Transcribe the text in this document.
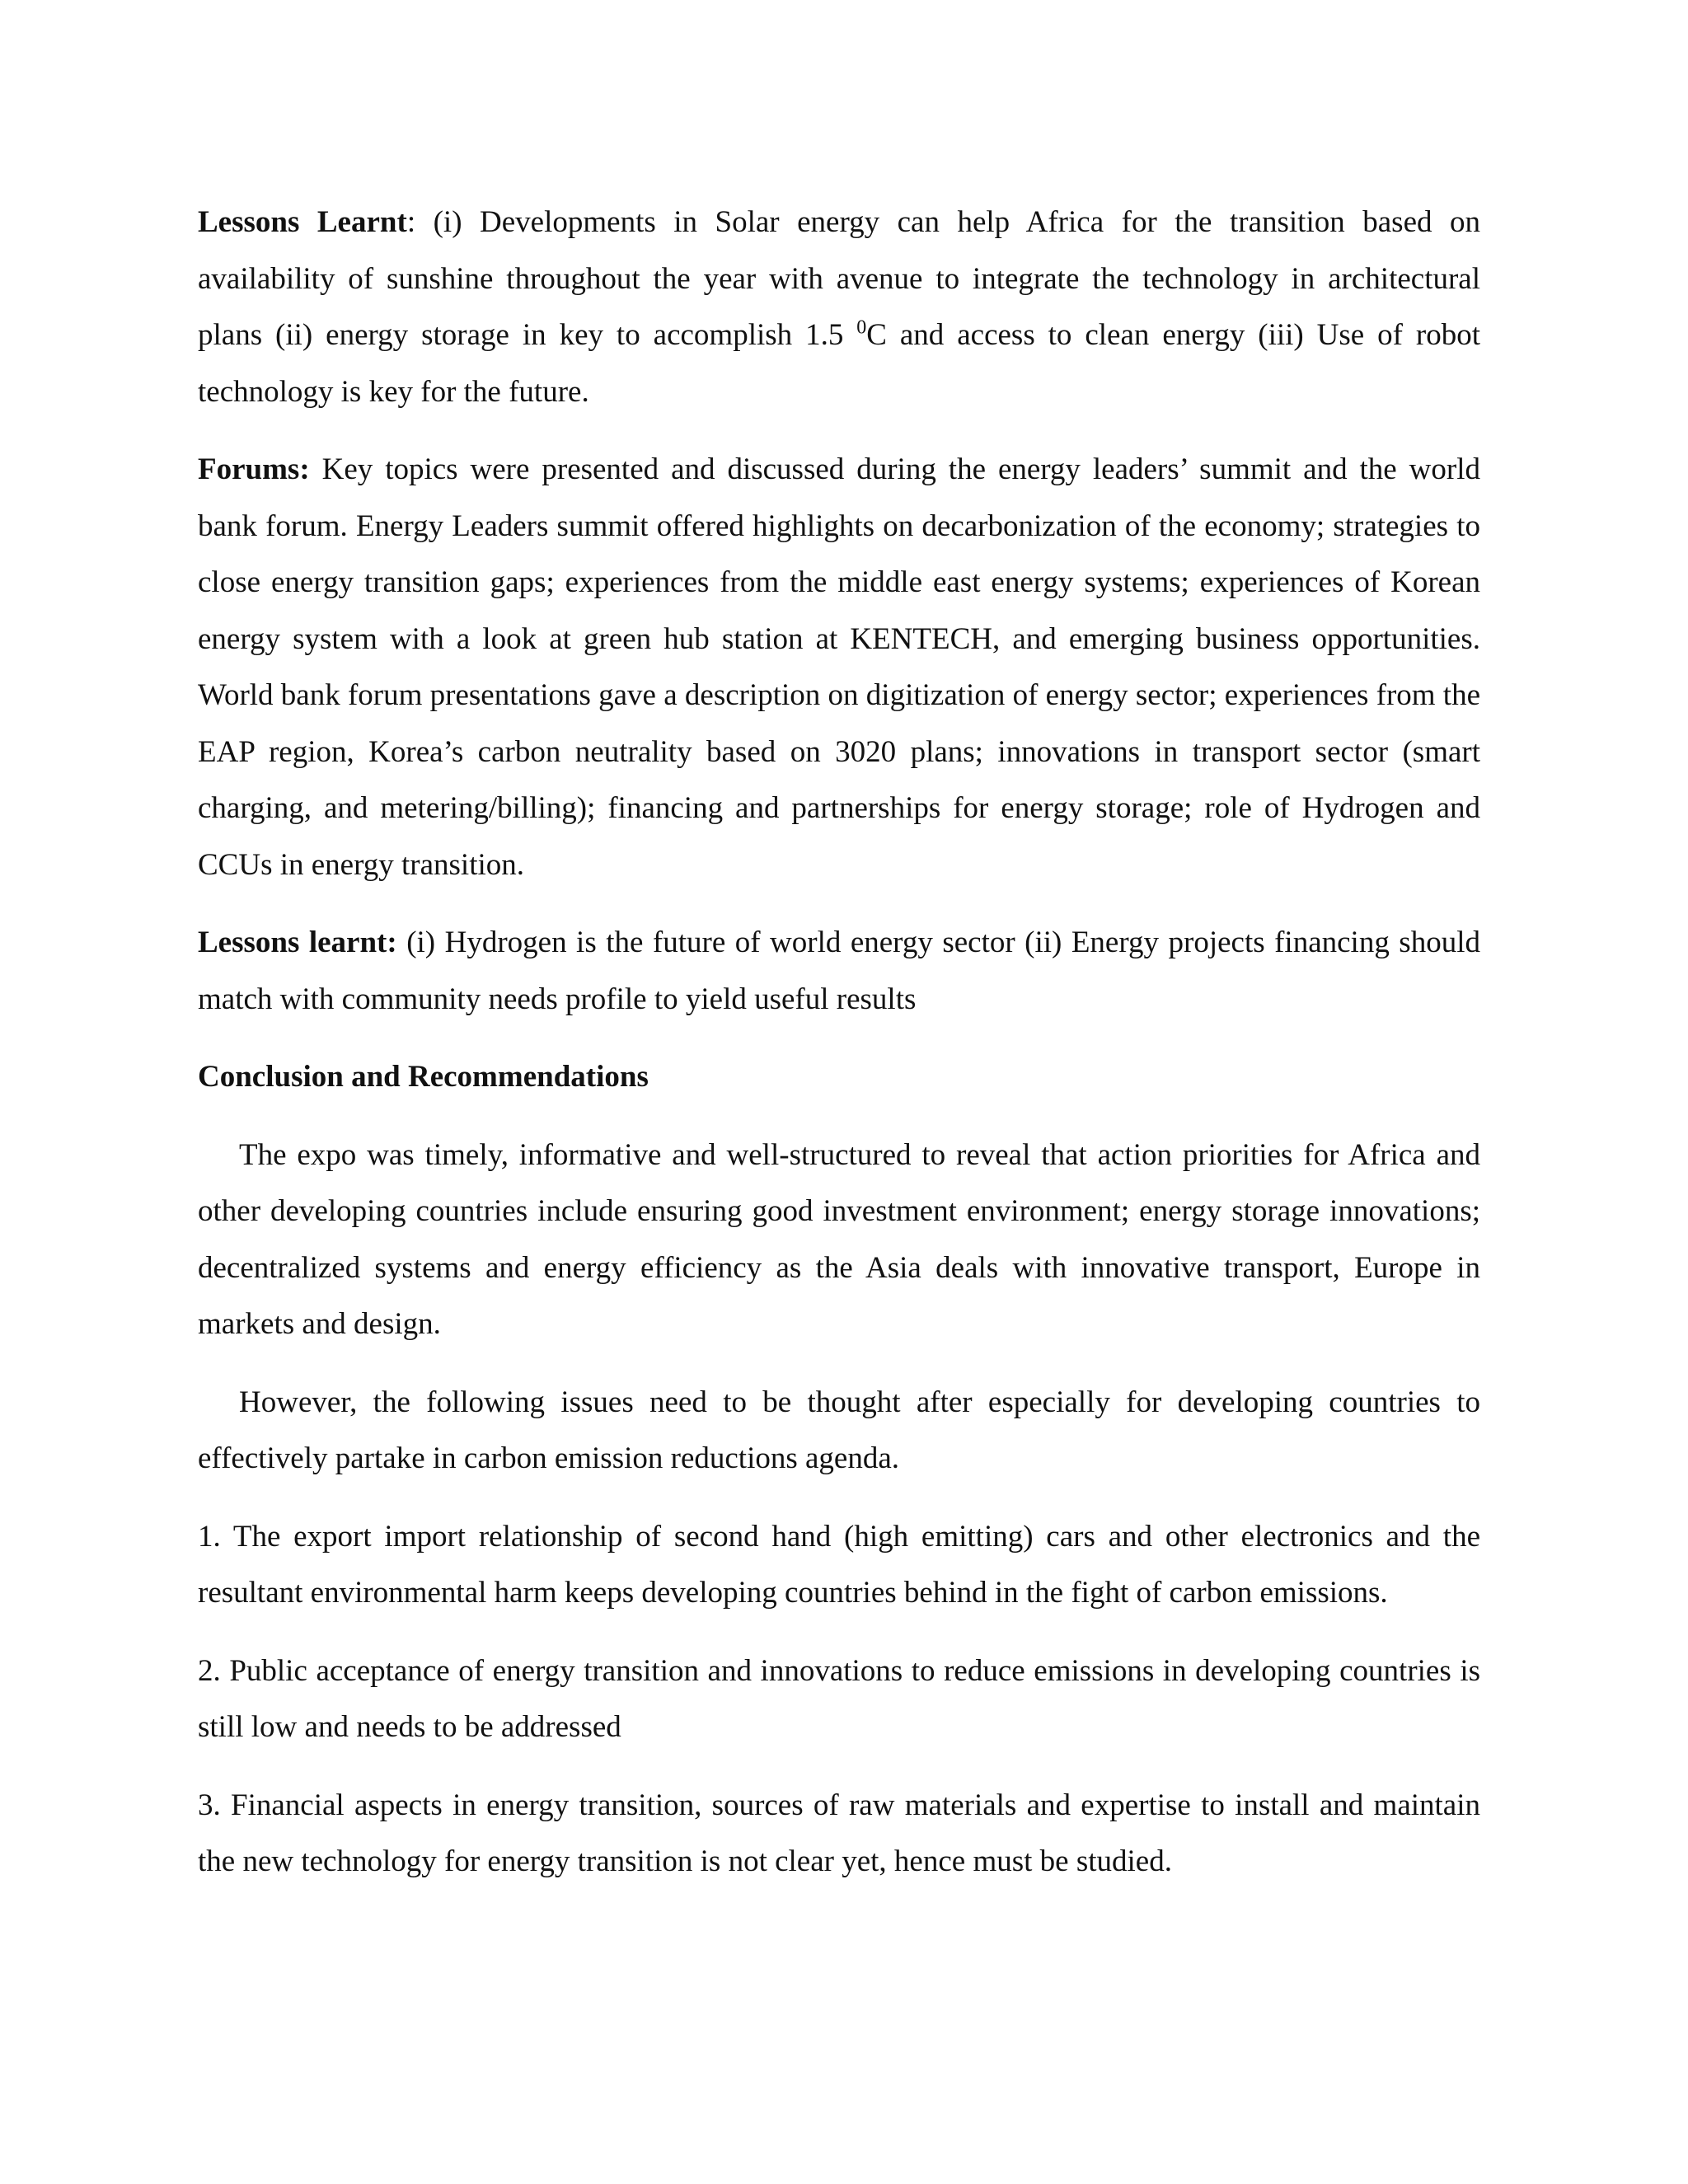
Lessons Learnt: (i) Developments in Solar energy can help Africa for the transition based on availability of sunshine throughout the year with avenue to integrate the technology in architectural plans (ii) energy storage in key to accomplish 1.5 $^0$C and access to clean energy (iii) Use of robot technology is key for the future.

Forums: Key topics were presented and discussed during the energy leaders’ summit and the world bank forum. Energy Leaders summit offered highlights on decarbonization of the economy; strategies to close energy transition gaps; experiences from the middle east energy systems; experiences of Korean energy system with a look at green hub station at KENTECH, and emerging business opportunities. World bank forum presentations gave a description on digitization of energy sector; experiences from the EAP region, Korea’s carbon neutrality based on 3020 plans; innovations in transport sector (smart charging, and metering/billing); financing and partnerships for energy storage; role of Hydrogen and CCUs in energy transition.

Lessons learnt: (i) Hydrogen is the future of world energy sector (ii) Energy projects financing should match with community needs profile to yield useful results

Conclusion and Recommendations

The expo was timely, informative and well-structured to reveal that action priorities for Africa and other developing countries include ensuring good investment environment; energy storage innovations; decentralized systems and energy efficiency as the Asia deals with innovative transport, Europe in markets and design.

However, the following issues need to be thought after especially for developing countries to effectively partake in carbon emission reductions agenda.

1. The export import relationship of second hand (high emitting) cars and other electronics and the resultant environmental harm keeps developing countries behind in the fight of carbon emissions.

2. Public acceptance of energy transition and innovations to reduce emissions in developing countries is still low and needs to be addressed

3. Financial aspects in energy transition, sources of raw materials and expertise to install and maintain the new technology for energy transition is not clear yet, hence must be studied.
